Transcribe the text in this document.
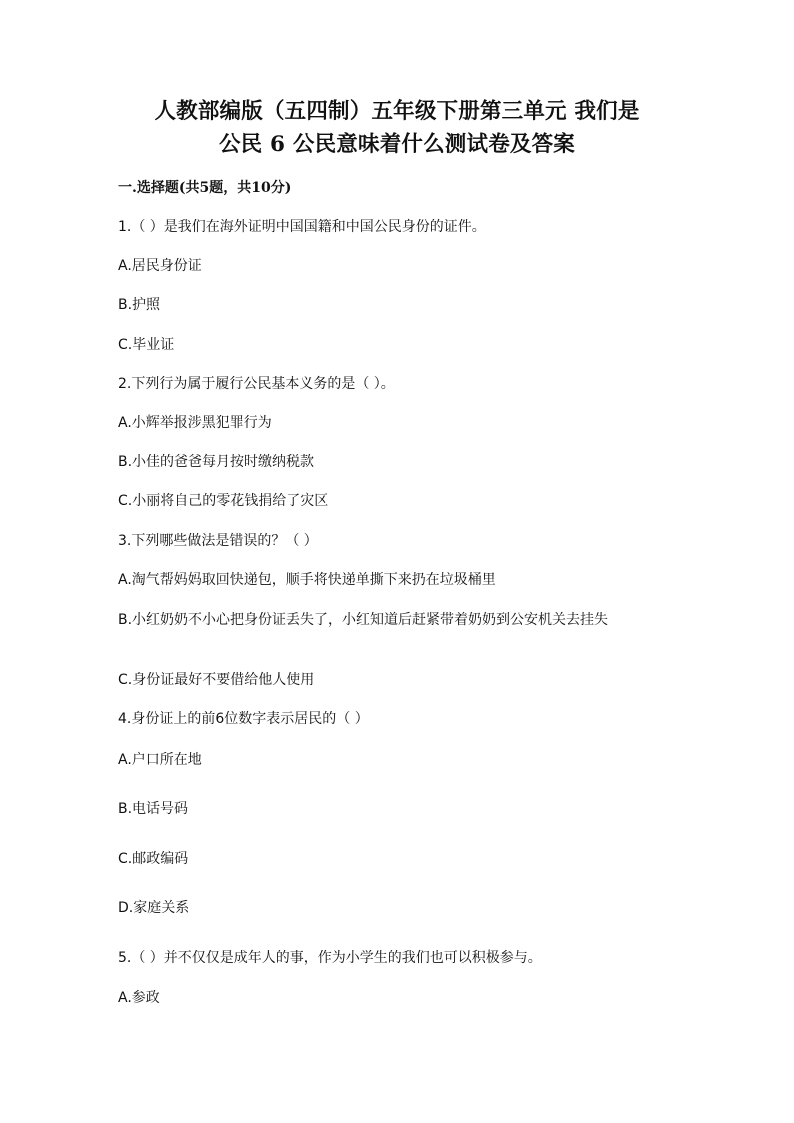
人教部编版（五四制）五年级下册第三单元 我们是
公民 6 公民意味着什么测试卷及答案
一.选择题(共5题，共10分)
1.（ ）是我们在海外证明中国国籍和中国公民身份的证件。
A.居民身份证
B.护照
C.毕业证
2.下列行为属于履行公民基本义务的是（ ）。
A.小辉举报涉黑犯罪行为
B.小佳的爸爸每月按时缴纳税款
C.小丽将自己的零花钱捐给了灾区
3.下列哪些做法是错误的？（ ）
A.淘气帮妈妈取回快递包，顺手将快递单撕下来扔在垃圾桶里
B.小红奶奶不小心把身份证丢失了，小红知道后赶紧带着奶奶到公安机关去挂失
C.身份证最好不要借给他人使用
4.身份证上的前6位数字表示居民的（ ）
A.户口所在地
B.电话号码
C.邮政编码
D.家庭关系
5.（ ）并不仅仅是成年人的事，作为小学生的我们也可以积极参与。
A.参政
